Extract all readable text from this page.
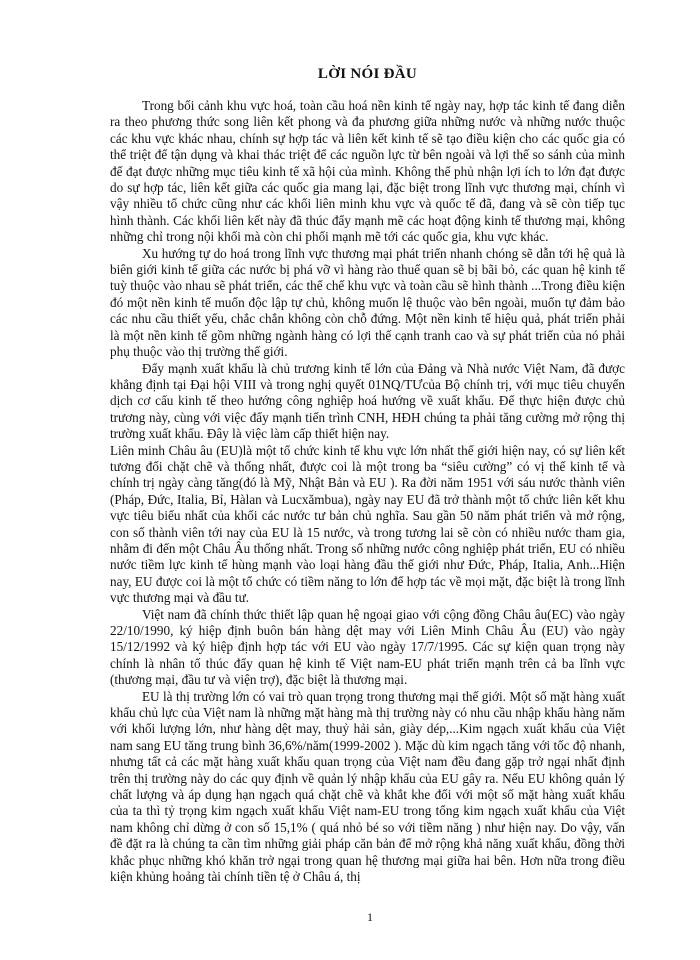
LỜI NÓI ĐẦU

Trong bối cảnh khu vực hoá, toàn cầu hoá nền kinh tế ngày nay, hợp tác kinh tế đang diễn ra theo phương thức song liên kết phong và đa phương giữa những nước và những nước thuộc các khu vực khác nhau, chính sự hợp tác và liên kết kinh tế sẽ tạo điều kiện cho các quốc gia có thể triệt để tận dụng và khai thác triệt để các nguồn lực từ bên ngoài và lợi thế so sánh của mình để đạt được những mục tiêu kinh tế xã hội của mình. Không thể phủ nhận lợi ích to lớn đạt được do sự hợp tác, liên kết giữa các quốc gia mang lại, đặc biệt trong lĩnh vực thương mại, chính vì vậy nhiều tổ chức cũng như các khối liên minh khu vực và quốc tế đã, đang và sẽ còn tiếp tục hình thành. Các khối liên kết này đã thúc đẩy mạnh mẽ các hoạt động kinh tế thương mại, không những chỉ trong nội khối mà còn chi phối mạnh mẽ tới các quốc gia, khu vực khác.

Xu hướng tự do hoá trong lĩnh vực thương mại phát triển nhanh chóng sẽ dẫn tới hệ quả là biên giới kinh tế giữa các nước bị phá vỡ vì hàng rào thuế quan sẽ bị bãi bỏ, các quan hệ kinh tế tuỳ thuộc vào nhau sẽ phát triển, các thể chế khu vực và toàn cầu sẽ hình thành ...Trong điều kiện đó một nền kinh tế muốn độc lập tự chủ, không muốn lệ thuộc vào bên ngoài, muốn tự đảm bảo các nhu cầu thiết yếu, chắc chắn không còn chỗ đứng. Một nền kinh tế hiệu quả, phát triển phải là một nền kinh tế gồm những ngành hàng có lợi thế cạnh tranh cao và sự phát triển của nó phải phụ thuộc vào thị trường thế giới.

Đẩy mạnh xuất khẩu là chủ trương kinh tế lớn của Đảng và Nhà nước Việt Nam, đã được khẳng định tại Đại hội VIII và trong nghị quyết 01NQ/TƯcủa Bộ chính trị, với mục tiêu chuyển dịch cơ cấu kinh tế theo hướng công nghiệp hoá hướng về xuất khẩu. Để thực hiện được chủ trương này, cùng với việc đẩy mạnh tiến trình CNH, HĐH chúng ta phải tăng cường mở rộng thị trường xuất khẩu. Đây là việc làm cấp thiết hiện nay.

Liên minh Châu âu (EU)là một tổ chức kinh tế khu vực lớn nhất thế giới hiện nay, có sự liên kết tương đối chặt chẽ và thống nhất, được coi là một trong ba “siêu cường” có vị thế kinh tế và chính trị ngày càng tăng(đó là Mỹ, Nhật Bản và EU ). Ra đời năm 1951 với sáu nước thành viên (Pháp, Đức, Italia, Bỉ, Hàlan và Lucxămbua), ngày nay EU đã trở thành một tổ chức liên kết khu vực tiêu biểu nhất của khối các nước tư bản chủ nghĩa. Sau gần 50 năm phát triển và mở rộng, con số thành viên tới nay của EU là 15 nước, và trong tương lai sẽ còn có nhiều nước tham gia, nhằm đi đến một Châu Âu thống nhất. Trong số những nước công nghiệp phát triển, EU có nhiều nước tiềm lực kinh tế hùng mạnh vào loại hàng đầu thế giới như Đức, Pháp, Italia, Anh...Hiện nay, EU được coi là một tổ chức có tiềm năng to lớn để hợp tác về mọi mặt, đặc biệt là trong lĩnh vực thương mại và đầu tư.

Việt nam đã chính thức thiết lập quan hệ ngoại giao với cộng đồng Châu âu(EC) vào ngày 22/10/1990, ký hiệp định buôn bán hàng dệt may với Liên Minh Châu Âu (EU) vào ngày 15/12/1992 và ký hiệp định hợp tác với EU vào ngày 17/7/1995. Các sự kiện quan trọng này chính là nhân tố thúc đẩy quan hệ kinh tế Việt nam-EU phát triển mạnh trên cả ba lĩnh vực (thương mại, đầu tư và viện trợ), đặc biệt là thương mại.

EU là thị trường lớn có vai trò quan trọng trong thương mại thế giới. Một số mặt hàng xuất khẩu chủ lực của Việt nam là những mặt hàng mà thị trường này có nhu cầu nhập khẩu hàng năm với khối lượng lớn, như hàng dệt may, thuỷ hải sản, giày dép,...Kim ngạch xuất khẩu của Việt nam sang EU tăng trung bình 36,6%/năm(1999-2002 ). Mặc dù kim ngạch tăng với tốc độ nhanh, nhưng tất cả các mặt hàng xuất khẩu quan trọng của Việt nam đều đang gặp trở ngại nhất định trên thị trường này do các quy định về quản lý nhập khẩu của EU gây ra. Nếu EU không quản lý chất lượng và áp dụng hạn ngạch quá chặt chẽ và khắt khe đối với một số mặt hàng xuất khẩu của ta thì tỷ trọng kim ngạch xuất khẩu Việt nam-EU trong tổng kim ngạch xuất khẩu của Việt nam không chỉ dừng ở con số 15,1% ( quá nhỏ bé so với tiềm năng ) như hiện nay. Do vậy, vấn đề đặt ra là chúng ta cần tìm những giải pháp căn bản để mở rộng khả năng xuất khẩu, đồng thời khắc phục những khó khăn trở ngại trong quan hệ thương mại giữa hai bên. Hơn nữa trong điều kiện khủng hoảng tài chính tiền tệ ở Châu á, thị

1
